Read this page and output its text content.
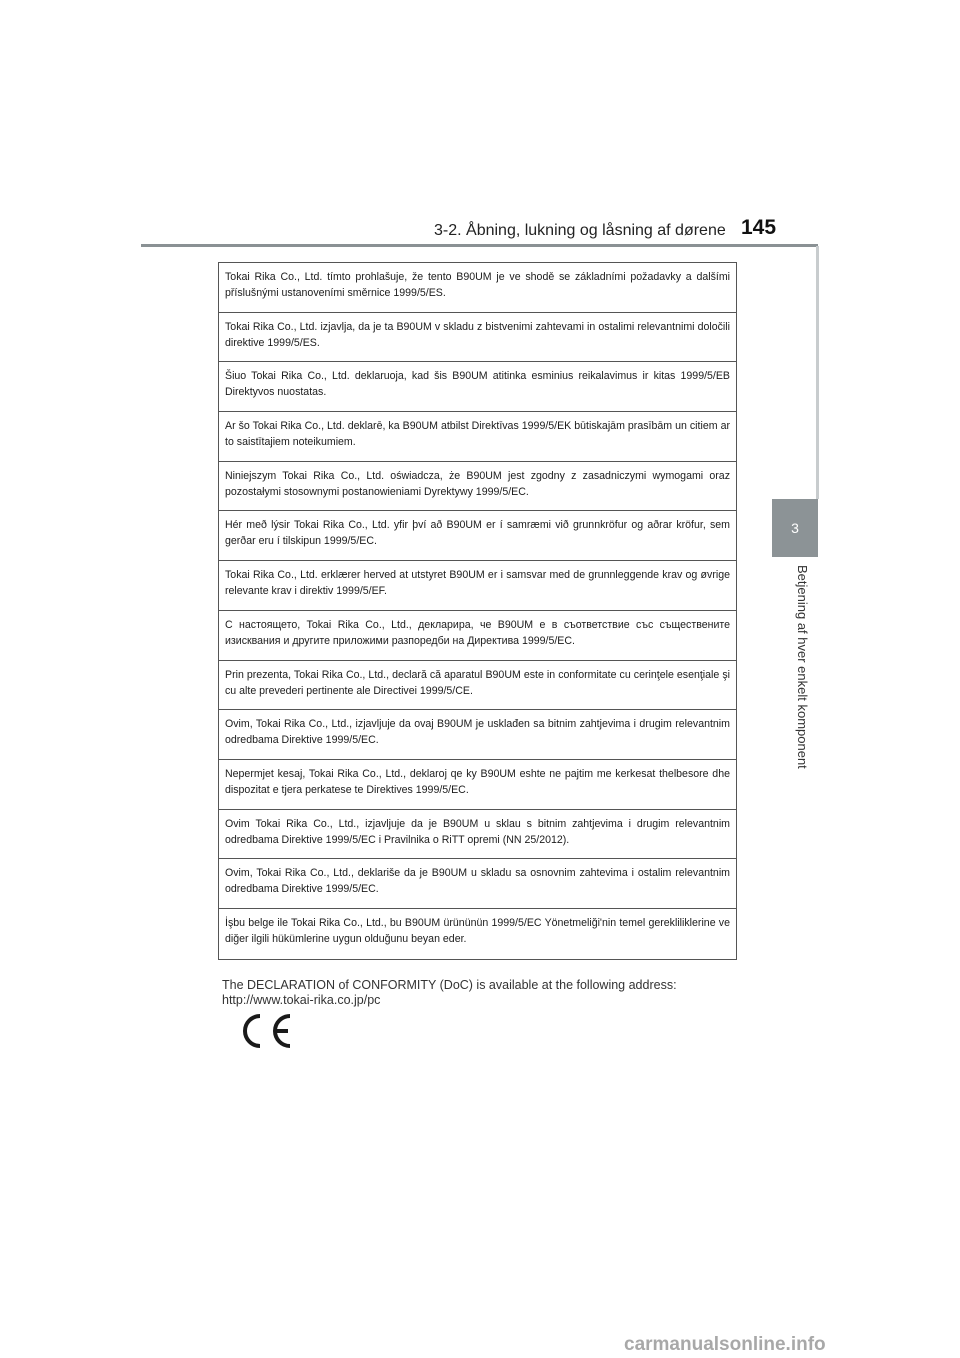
3-2. Åbning, lukning og låsning af dørene 145
3
Betjening af hver enkelt komponent
Tokai Rika Co., Ltd. tímto prohlašuje, že tento B90UM je ve shodě se základními požadavky a dalšími příslušnými ustanoveními směrnice 1999/5/ES.
Tokai Rika Co., Ltd. izjavlja, da je ta B90UM v skladu z bistvenimi zahtevami in ostalimi relevantnimi določili direktive 1999/5/ES.
Šiuo Tokai Rika Co., Ltd. deklaruoja, kad šis B90UM atitinka esminius reikalavimus ir kitas 1999/5/EB Direktyvos nuostatas.
Ar šo Tokai Rika Co., Ltd. deklarē, ka B90UM atbilst Direktīvas 1999/5/EK būtiskajām prasībām un citiem ar to saistītajiem noteikumiem.
Niniejszym Tokai Rika Co., Ltd. oświadcza, że B90UM jest zgodny z zasadniczymi wymogami oraz pozostałymi stosownymi postanowieniami Dyrektywy 1999/5/EC.
Hér með lýsir Tokai Rika Co., Ltd. yfir því að B90UM er í samræmi við grunnkröfur og aðrar kröfur, sem gerðar eru í tilskipun 1999/5/EC.
Tokai Rika Co., Ltd. erklærer herved at utstyret B90UM er i samsvar med de grunnleggende krav og øvrige relevante krav i direktiv 1999/5/EF.
С настоящето, Tokai Rika Co., Ltd., декларира, че B90UM е в съответствие със съществените изисквания и другите приложими разпоредби на Директива 1999/5/ЕС.
Prin prezenta, Tokai Rika Co., Ltd., declară că aparatul B90UM este in conformitate cu cerinţele esenţiale şi cu alte prevederi pertinente ale Directivei 1999/5/CE.
Ovim, Tokai Rika Co., Ltd., izjavljuje da ovaj B90UM je usklađen sa bitnim zahtjevima i drugim relevantnim odredbama Direktive 1999/5/EC.
Nepermjet kesaj, Tokai Rika Co., Ltd., deklaroj qe ky B90UM eshte ne pajtim me kerkesat thelbesore dhe dispozitat e tjera perkatese te Direktives 1999/5/EC.
Ovim Tokai Rika Co., Ltd., izjavljuje da je B90UM u sklau s bitnim zahtjevima i drugim relevantnim odredbama Direktive 1999/5/EC i Pravilnika o RiTT opremi (NN 25/2012).
Ovim, Tokai Rika Co., Ltd., deklariše da je B90UM u skladu sa osnovnim zahtevima i ostalim relevantnim odredbama Direktive 1999/5/EC.
İşbu belge ile Tokai Rika Co., Ltd., bu B90UM ürününün 1999/5/EC Yönetmeliği'nin temel gerekliliklerine ve diğer ilgili hükümlerine uygun olduğunu beyan eder.
The DECLARATION of CONFORMITY (DoC) is available at the following address:
http://www.tokai-rika.co.jp/pc
carmanualsonline.info
